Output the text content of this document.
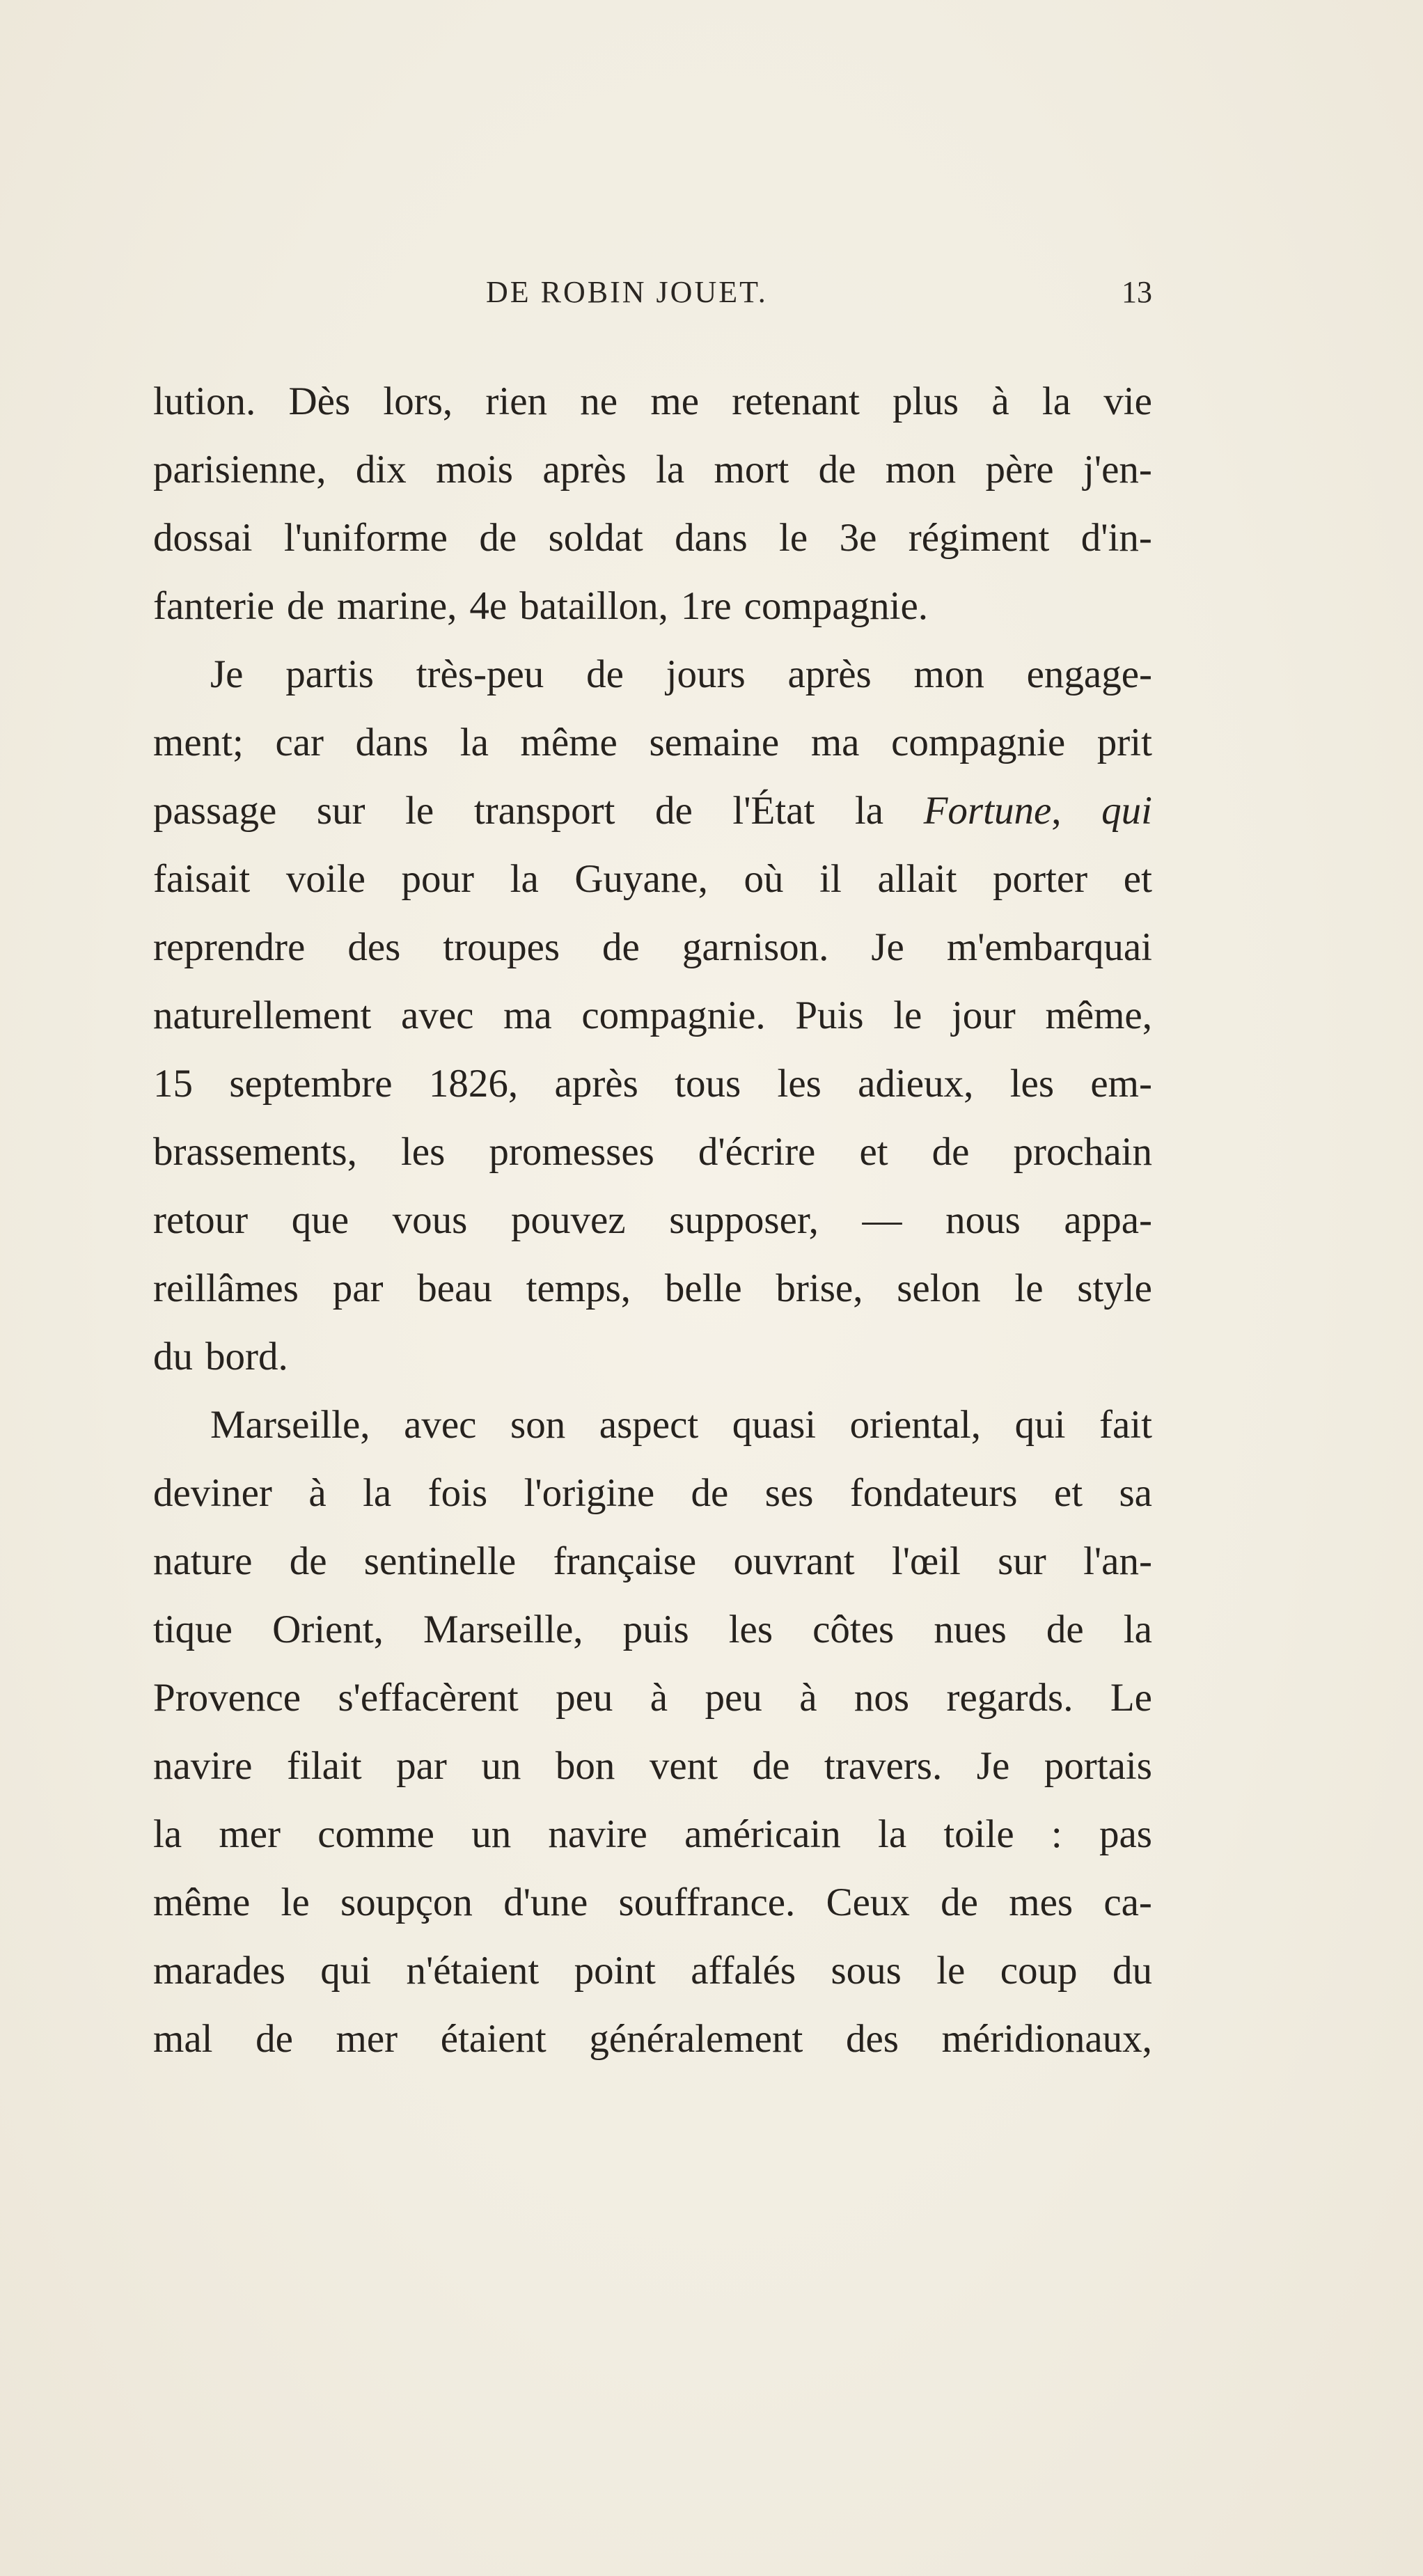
DE ROBIN JOUET.	13
lution. Dès lors, rien ne me retenant plus à la vie
parisienne, dix mois après la mort de mon père j'en-
dossai l'uniforme de soldat dans le 3e régiment d'in-
fanterie de marine, 4e bataillon, 1re compagnie.
Je partis très-peu de jours après mon engage-
ment; car dans la même semaine ma compagnie prit
passage sur le transport de l'État la Fortune, qui
faisait voile pour la Guyane, où il allait porter et
reprendre des troupes de garnison. Je m'embarquai
naturellement avec ma compagnie. Puis le jour même,
15 septembre 1826, après tous les adieux, les em-
brassements, les promesses d'écrire et de prochain
retour que vous pouvez supposer, — nous appa-
reillâmes par beau temps, belle brise, selon le style
du bord.
Marseille, avec son aspect quasi oriental, qui fait
deviner à la fois l'origine de ses fondateurs et sa
nature de sentinelle française ouvrant l'œil sur l'an-
tique Orient, Marseille, puis les côtes nues de la
Provence s'effacèrent peu à peu à nos regards. Le
navire filait par un bon vent de travers. Je portais
la mer comme un navire américain la toile : pas
même le soupçon d'une souffrance. Ceux de mes ca-
marades qui n'étaient point affalés sous le coup du
mal de mer étaient généralement des méridionaux,
